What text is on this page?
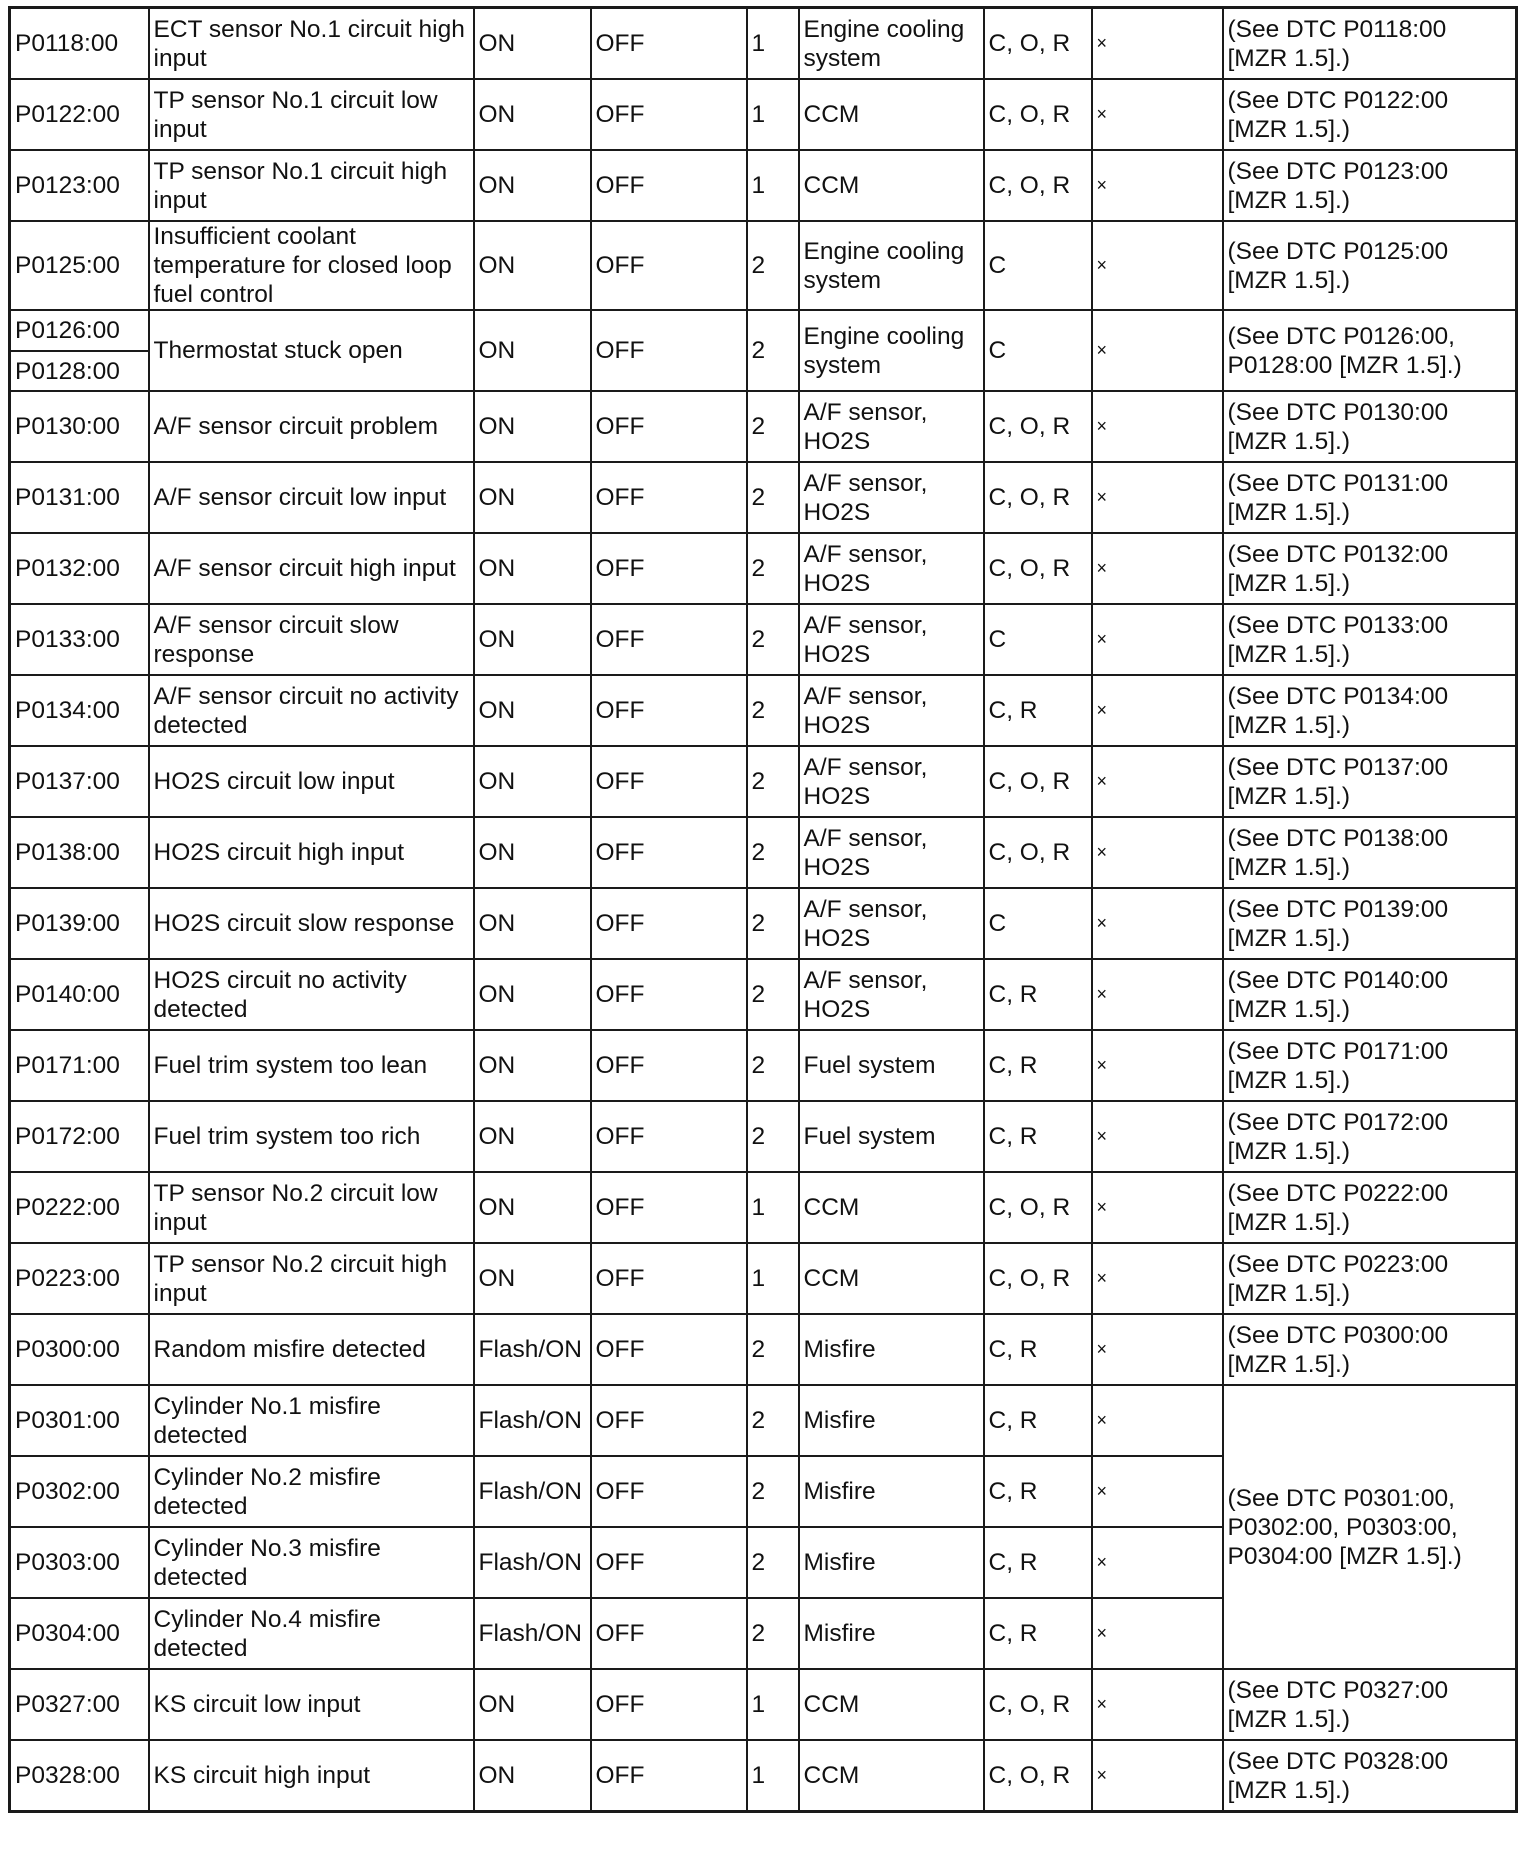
P0118:00	ECT sensor No.1 circuit high input	ON	OFF	1	Engine cooling system	C, O, R	×	(See DTC P0118:00 [MZR 1.5].)
P0122:00	TP sensor No.1 circuit low input	ON	OFF	1	CCM	C, O, R	×	(See DTC P0122:00 [MZR 1.5].)
P0123:00	TP sensor No.1 circuit high input	ON	OFF	1	CCM	C, O, R	×	(See DTC P0123:00 [MZR 1.5].)
P0125:00	Insufficient coolant temperature for closed loop fuel control	ON	OFF	2	Engine cooling system	C	×	(See DTC P0125:00 [MZR 1.5].)
P0126:00	Thermostat stuck open	ON	OFF	2	Engine cooling system	C	×	(See DTC P0126:00, P0128:00 [MZR 1.5].)
P0128:00								
P0130:00	A/F sensor circuit problem	ON	OFF	2	A/F sensor, HO2S	C, O, R	×	(See DTC P0130:00 [MZR 1.5].)
P0131:00	A/F sensor circuit low input	ON	OFF	2	A/F sensor, HO2S	C, O, R	×	(See DTC P0131:00 [MZR 1.5].)
P0132:00	A/F sensor circuit high input	ON	OFF	2	A/F sensor, HO2S	C, O, R	×	(See DTC P0132:00 [MZR 1.5].)
P0133:00	A/F sensor circuit slow response	ON	OFF	2	A/F sensor, HO2S	C	×	(See DTC P0133:00 [MZR 1.5].)
P0134:00	A/F sensor circuit no activity detected	ON	OFF	2	A/F sensor, HO2S	C, R	×	(See DTC P0134:00 [MZR 1.5].)
P0137:00	HO2S circuit low input	ON	OFF	2	A/F sensor, HO2S	C, O, R	×	(See DTC P0137:00 [MZR 1.5].)
P0138:00	HO2S circuit high input	ON	OFF	2	A/F sensor, HO2S	C, O, R	×	(See DTC P0138:00 [MZR 1.5].)
P0139:00	HO2S circuit slow response	ON	OFF	2	A/F sensor, HO2S	C	×	(See DTC P0139:00 [MZR 1.5].)
P0140:00	HO2S circuit no activity detected	ON	OFF	2	A/F sensor, HO2S	C, R	×	(See DTC P0140:00 [MZR 1.5].)
P0171:00	Fuel trim system too lean	ON	OFF	2	Fuel system	C, R	×	(See DTC P0171:00 [MZR 1.5].)
P0172:00	Fuel trim system too rich	ON	OFF	2	Fuel system	C, R	×	(See DTC P0172:00 [MZR 1.5].)
P0222:00	TP sensor No.2 circuit low input	ON	OFF	1	CCM	C, O, R	×	(See DTC P0222:00 [MZR 1.5].)
P0223:00	TP sensor No.2 circuit high input	ON	OFF	1	CCM	C, O, R	×	(See DTC P0223:00 [MZR 1.5].)
P0300:00	Random misfire detected	Flash/ON	OFF	2	Misfire	C, R	×	(See DTC P0300:00 [MZR 1.5].)
P0301:00	Cylinder No.1 misfire detected	Flash/ON	OFF	2	Misfire	C, R	×	(See DTC P0301:00, P0302:00, P0303:00, P0304:00 [MZR 1.5].)
P0302:00	Cylinder No.2 misfire detected	Flash/ON	OFF	2	Misfire	C, R	×	
P0303:00	Cylinder No.3 misfire detected	Flash/ON	OFF	2	Misfire	C, R	×	
P0304:00	Cylinder No.4 misfire detected	Flash/ON	OFF	2	Misfire	C, R	×	
P0327:00	KS circuit low input	ON	OFF	1	CCM	C, O, R	×	(See DTC P0327:00 [MZR 1.5].)
P0328:00	KS circuit high input	ON	OFF	1	CCM	C, O, R	×	(See DTC P0328:00 [MZR 1.5].)
